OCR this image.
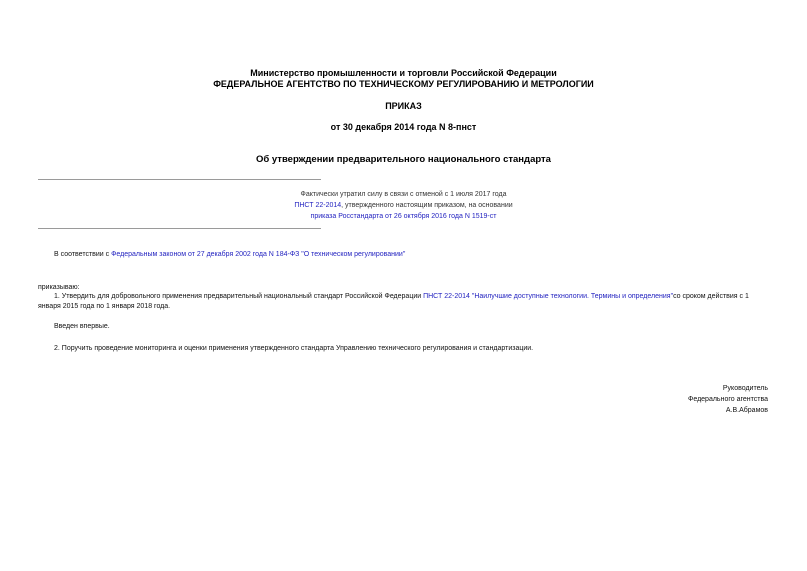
Министерство промышленности и торговли Российской Федерации
ФЕДЕРАЛЬНОЕ АГЕНТСТВО ПО ТЕХНИЧЕСКОМУ РЕГУЛИРОВАНИЮ И МЕТРОЛОГИИ
ПРИКАЗ
от 30 декабря 2014 года N 8-пнст
Об утверждении предварительного национального стандарта
Фактически утратил силу в связи с отменой с 1 июля 2017 года
ПНСТ 22-2014, утвержденного настоящим приказом, на основании
приказа Росстандарта от 26 октября 2016 года N 1519-ст
В соответствии с Федеральным законом от 27 декабря 2002 года N 184-ФЗ "О техническом регулировании"
приказываю:
1. Утвердить для добровольного применения предварительный национальный стандарт Российской Федерации ПНСТ 22-2014 "Наилучшие доступные технологии. Термины и определения"со сроком действия с 1 января 2015 года по 1 января 2018 года.
Введен впервые.
2. Поручить проведение мониторинга и оценки применения утвержденного стандарта Управлению технического регулирования и стандартизации.
Руководитель
Федерального агентства
А.В.Абрамов
